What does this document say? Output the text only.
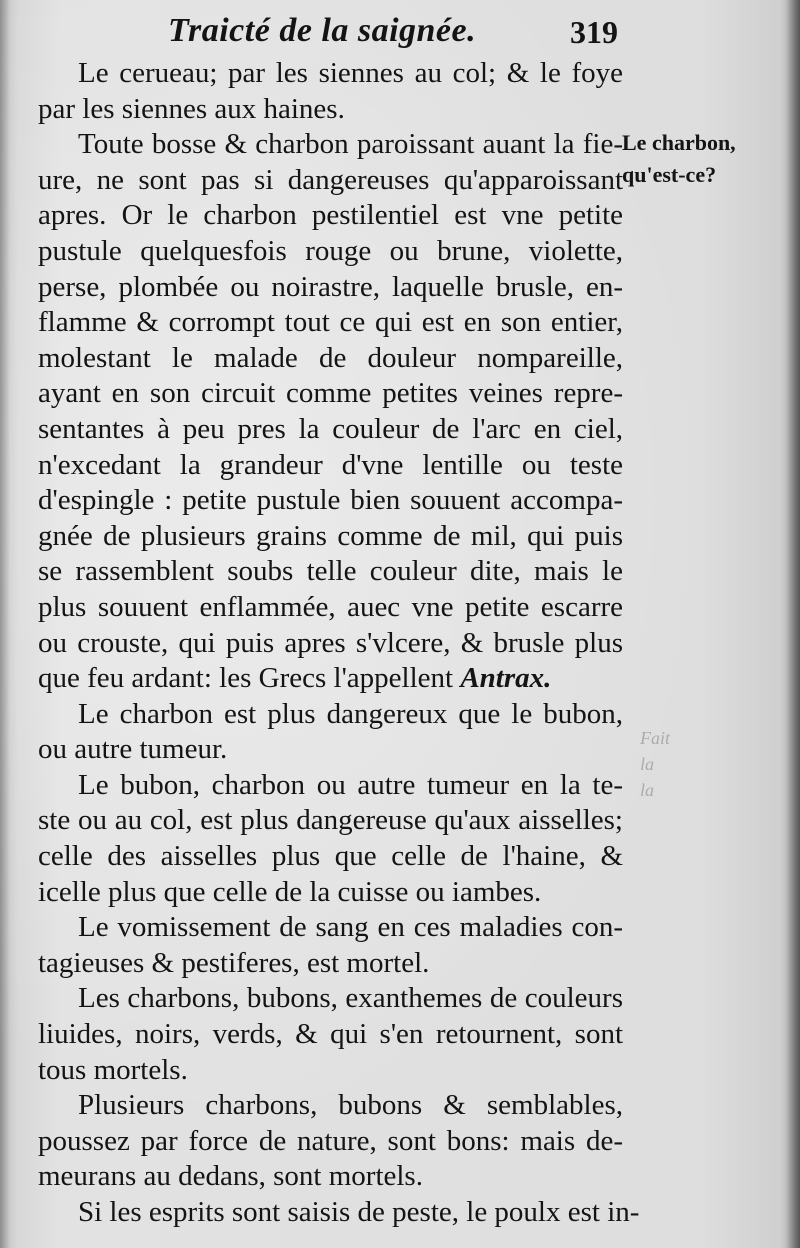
Traicté de la saignée.	319
Le cerueau; par les siennes au col; & le foye
par les siennes aux haines.
Toute bosse & charbon paroissant auant la fie-
ure, ne sont pas si dangereuses qu'apparoissant
apres. Or le charbon pestilentiel est vne petite
pustule quelquesfois rouge ou brune, violette,
perse, plombée ou noirastre, laquelle brusle, en-
flamme & corrompt tout ce qui est en son entier,
molestant le malade de douleur nompareille,
ayant en son circuit comme petites veines repre-
sentantes à peu pres la couleur de l'arc en ciel,
n'excedant la grandeur d'vne lentille ou teste
d'espingle : petite pustule bien souuent accompa-
gnée de plusieurs grains comme de mil, qui puis
se rassemblent soubs telle couleur dite, mais le
plus souuent enflammée, auec vne petite escarre
ou crouste, qui puis apres s'vlcere, & brusle plus
que feu ardant: les Grecs l'appellent Antrax.
Le charbon est plus dangereux que le bubon,
ou autre tumeur.
Le bubon, charbon ou autre tumeur en la te-
ste ou au col, est plus dangereuse qu'aux aisselles;
celle des aisselles plus que celle de l'haine, &
icelle plus que celle de la cuisse ou iambes.
Le vomissement de sang en ces maladies con-
tagieuses & pestiferes, est mortel.
Les charbons, bubons, exanthemes de couleurs
liuides, noirs, verds, & qui s'en retournent, sont
tous mortels.
Plusieurs charbons, bubons & semblables,
poussez par force de nature, sont bons: mais de-
meurans au dedans, sont mortels.
Si les esprits sont saisis de peste, le poulx est in-
Le charbon,
qu'est-ce?
Fait
la
la
